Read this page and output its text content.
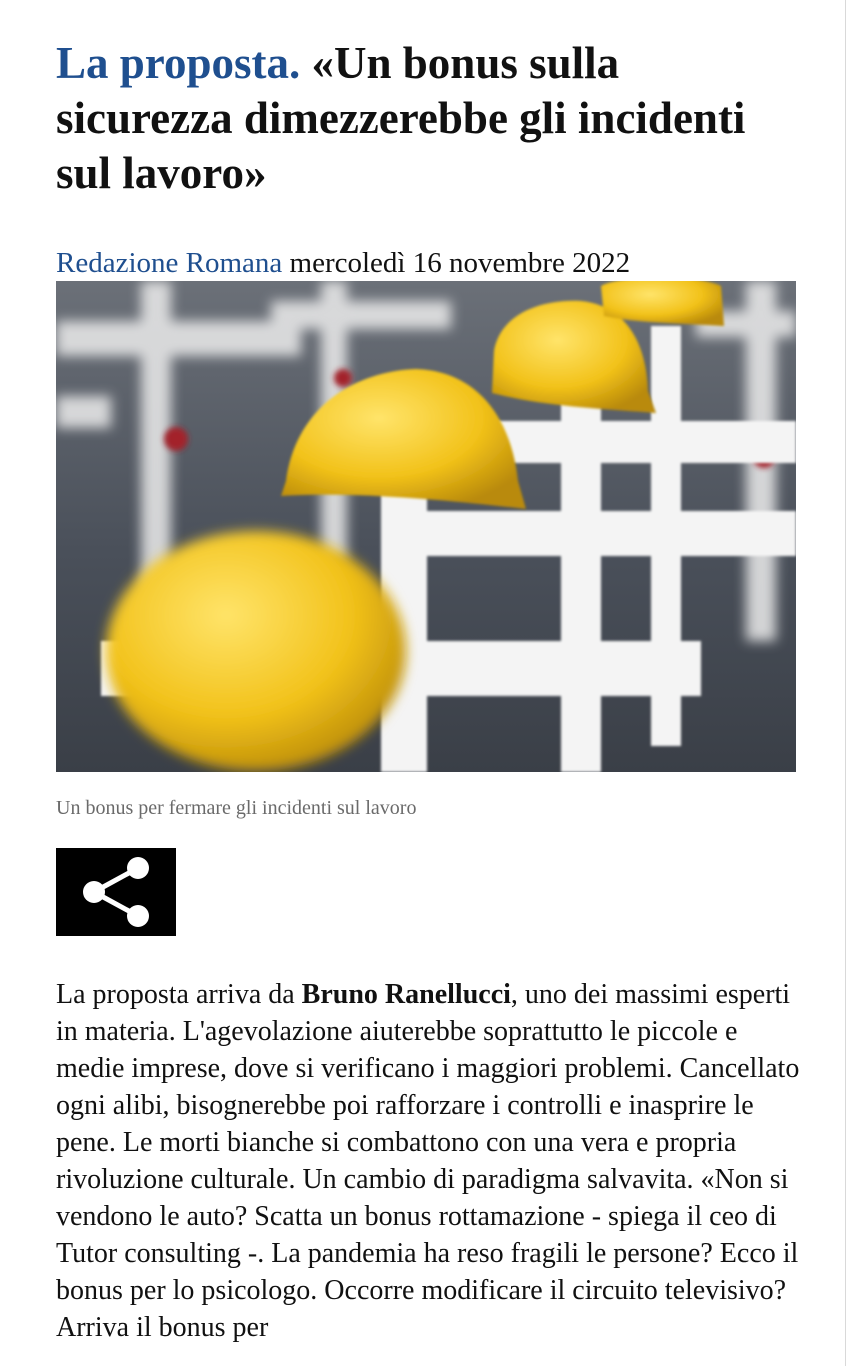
La proposta. «Un bonus sulla sicurezza dimezzerebbe gli incidenti sul lavoro»
Redazione Romana mercoledì 16 novembre 2022
Un bonus per fermare gli incidenti sul lavoro

La proposta arriva da Bruno Ranellucci, uno dei massimi esperti in materia. L'agevolazione aiuterebbe soprattutto le piccole e medie imprese, dove si verificano i maggiori problemi. Cancellato ogni alibi, bisognerebbe poi rafforzare i controlli e inasprire le pene. Le morti bianche si combattono con una vera e propria rivoluzione culturale. Un cambio di paradigma salvavita. «Non si vendono le auto? Scatta un bonus rottamazione - spiega il ceo di Tutor consulting -. La pandemia ha reso fragili le persone? Ecco il bonus per lo psicologo. Occorre modificare il circuito televisivo? Arriva il bonus per
